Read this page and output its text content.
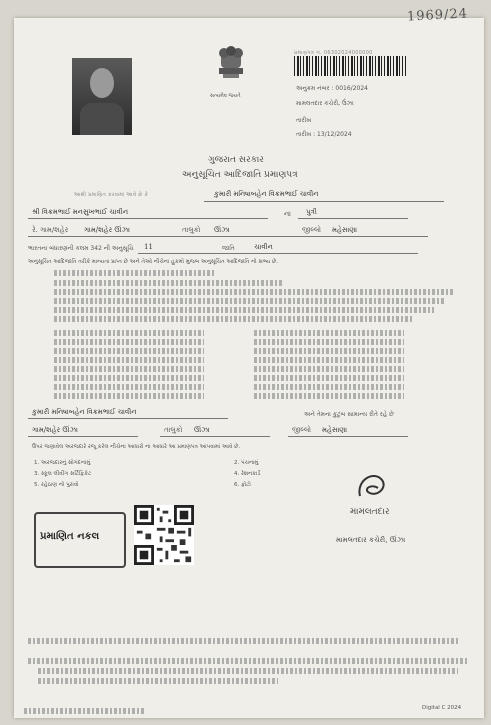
1969/24
સત્યમેવ જયતે
પ્રમાણપત્ર નં. 06302024000000
અનુક્રમ નંબર : 0016/2024
મામલતદાર કચેરી, ઉંઝા
તારીખ
તારીખ : 13/12/2024
ગુજરાત સરકાર
અનુસૂચિત આદિજાતિ પ્રમાણપત્ર
આથી પ્રમાણિત કરવામાં આવે છે કે	કુમારી મનિષાબહેન વિક્રમભાઈ ચાવીન
શ્રી વિક્રમભાઈ મનસુખભાઈ ચાવીન	ના પુત્રી
રે. ગામ/શહેર ગામ/શહેર ઊંઝા	તાલુકો ઊંઝા	જીલ્લો મહેસાણા
ભારતના બંધારણની કલમ 342 ની અનુસૂચિ 11	જાતિ	ચાવીન
અનુસૂચિત આદિજાતિ તરીકે માન્યતા પ્રાપ્ત છે અને તેઓ નીચેના હુકમો મુજબ અનુસૂચિત આદિજાતિ નો સભ્ય છે.
કુમારી મનિષાબહેન વિક્રમભાઈ ચાવીન	અને તેમના કુટુંબ સામાન્ય રીતે રહે છે
ગામ/શહેર ઊંઝા	તાલુકો ઊંઝા	જીલ્લો મહેસાણા
ઉપર જણાવેલ અરજદારે રજૂ કરેલ નીચેના આધારો ના આધારે આ પ્રમાણપત્ર આપવામાં આવે છે.
1. અરજદારનું સોગંદનામું	2. પંચનામું
3. સ્કૂલ લીવીંગ સર્ટિફિકેટ	4. રેશનકાર્ડ
5. રહેઠાણ નો પુરાવો	6. ફોટો
પ્રમાણિત નકલ
મામલતદાર
મામલતદાર કચેરી, ઊંઝા
Digital C 2024
